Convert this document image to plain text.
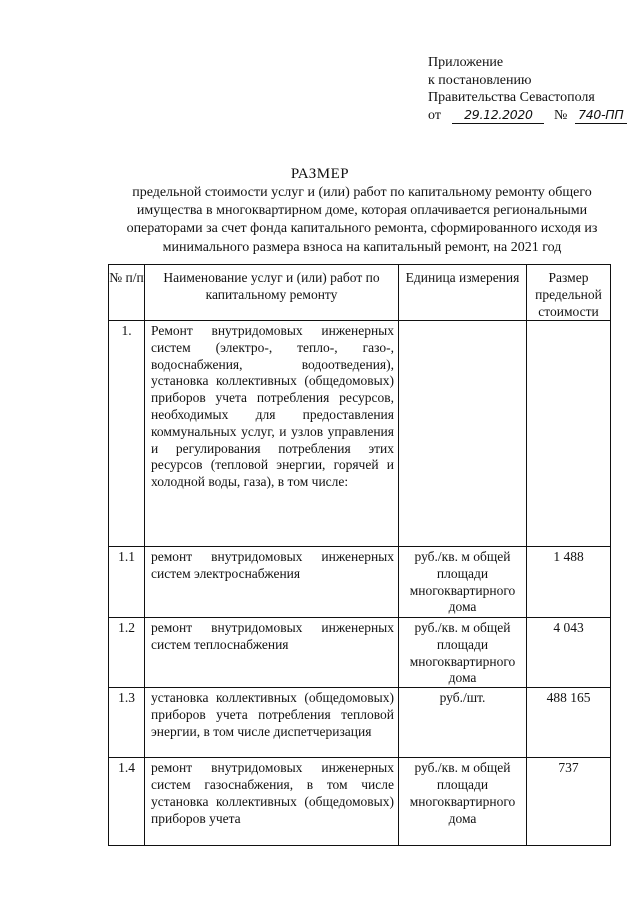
Приложение
к постановлению
Правительства Севастополя
от 29.12.2020 № 740-ПП
РАЗМЕР
предельной стоимости услуг и (или) работ по капитальному ремонту общего имущества в многоквартирном доме, которая оплачивается региональными операторами за счет фонда капитального ремонта, сформированного исходя из минимального размера взноса на капитальный ремонт, на 2021 год
№ п/п	Наименование услуг и (или) работ по капитальному ремонту	Единица измерения	Размер предельной стоимости
1.	Ремонт внутридомовых инженерных систем (электро-, тепло-, газо-, водоснабжения, водоотведения), установка коллективных (общедомовых) приборов учета потребления ресурсов, необходимых для предоставления коммунальных услуг, и узлов управления и регулирования потребления этих ресурсов (тепловой энергии, горячей и холодной воды, газа), в том числе:		
1.1	ремонт внутридомовых инженерных систем электроснабжения	руб./кв. м общей площади многоквартирного дома	1 488
1.2	ремонт внутридомовых инженерных систем теплоснабжения	руб./кв. м общей площади многоквартирного дома	4 043
1.3	установка коллективных (общедомовых) приборов учета потребления тепловой энергии, в том числе диспетчеризация	руб./шт.	488 165
1.4	ремонт внутридомовых инженерных систем газоснабжения, в том числе установка коллективных (общедомовых) приборов учета	руб./кв. м общей площади многоквартирного дома	737
